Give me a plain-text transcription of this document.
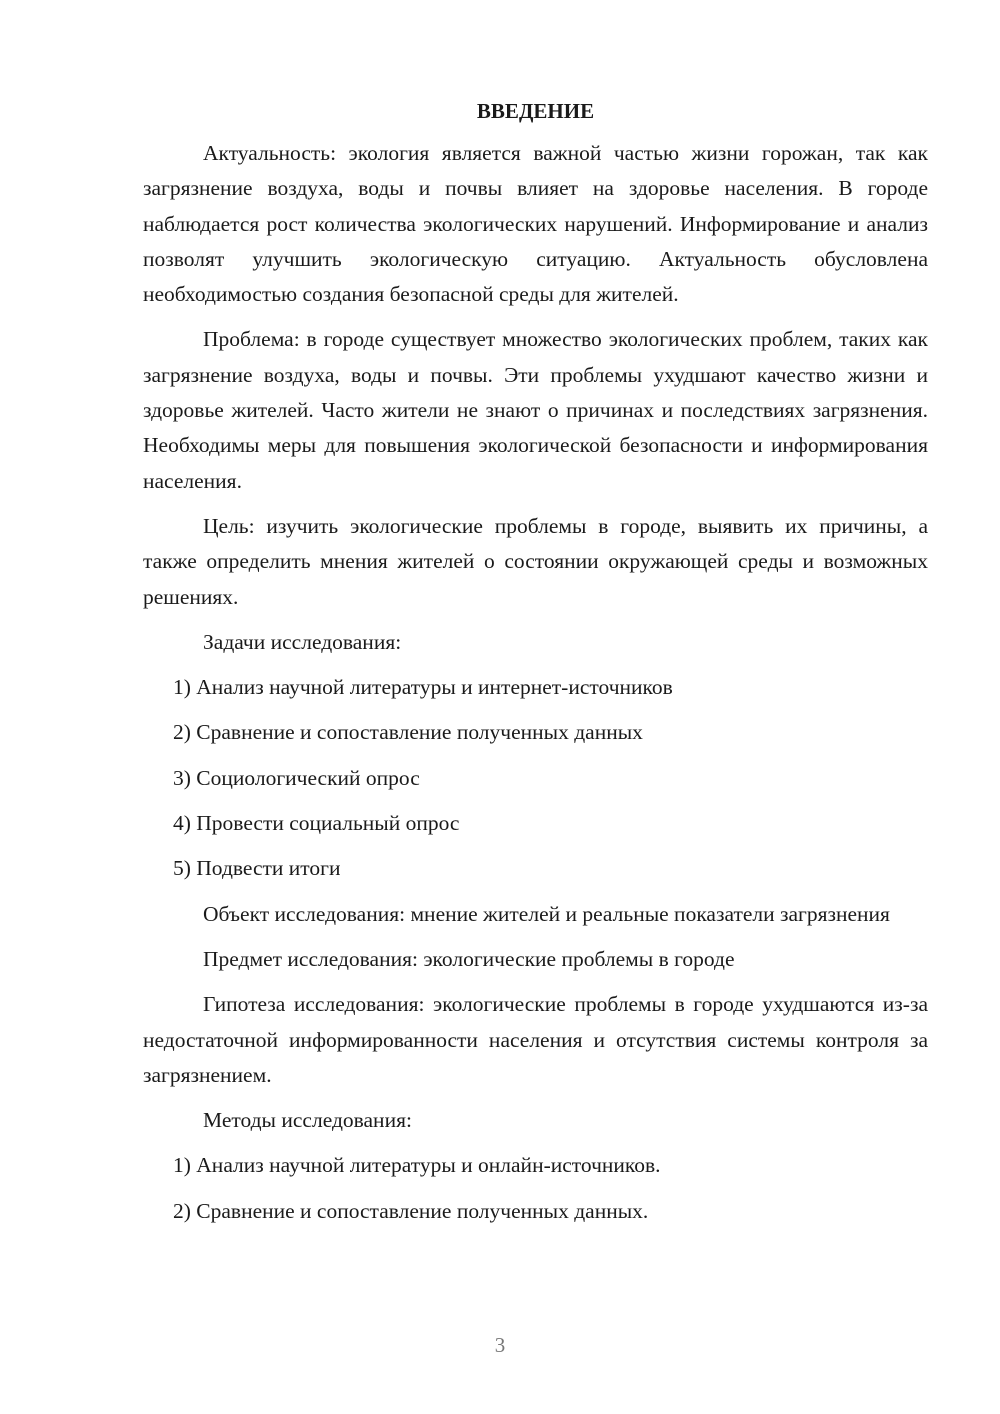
ВВЕДЕНИЕ
Актуальность: экология является важной частью жизни горожан, так как загрязнение воздуха, воды и почвы влияет на здоровье населения. В городе наблюдается рост количества экологических нарушений. Информирование и анализ позволят улучшить экологическую ситуацию. Актуальность обусловлена необходимостью создания безопасной среды для жителей.
Проблема: в городе существует множество экологических проблем, таких как загрязнение воздуха, воды и почвы. Эти проблемы ухудшают качество жизни и здоровье жителей. Часто жители не знают о причинах и последствиях загрязнения. Необходимы меры для повышения экологической безопасности и информирования населения.
Цель: изучить экологические проблемы в городе, выявить их причины, а также определить мнения жителей о состоянии окружающей среды и возможных решениях.
Задачи исследования:
1) Анализ научной литературы и интернет-источников
2) Сравнение и сопоставление полученных данных
3) Социологический опрос
4) Провести социальный опрос
5) Подвести итоги
Объект исследования: мнение жителей и реальные показатели загрязнения
Предмет исследования: экологические проблемы в городе
Гипотеза исследования: экологические проблемы в городе ухудшаются из-за недостаточной информированности населения и отсутствия системы контроля за загрязнением.
Методы исследования:
1) Анализ научной литературы и онлайн-источников.
2) Сравнение и сопоставление полученных данных.
3
